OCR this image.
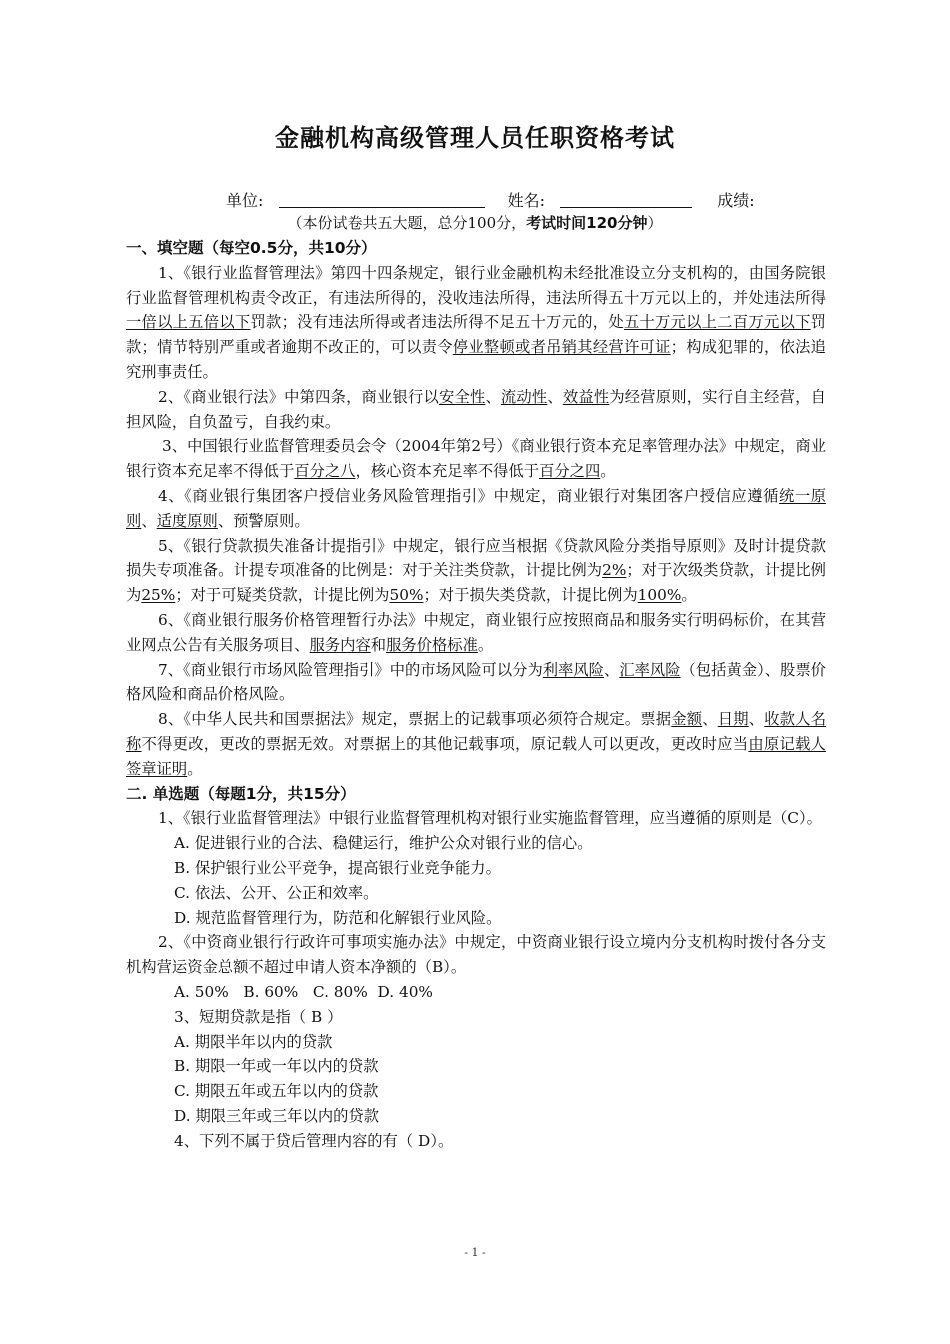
金融机构高级管理人员任职资格考试
单位:	姓名:	成绩:
（本份试卷共五大题，总分100分，考试时间120分钟）
一、填空题（每空0.5分，共10分）

1、《银行业监督管理法》第四十四条规定，银行业金融机构未经批准设立分支机构的，由国务院银行业监督管理机构责令改正，有违法所得的，没收违法所得，违法所得五十万元以上的，并处违法所得一倍以上五倍以下罚款；没有违法所得或者违法所得不足五十万元的，处五十万元以上二百万元以下罚款；情节特别严重或者逾期不改正的，可以责令停业整顿或者吊销其经营许可证；构成犯罪的，依法追究刑事责任。

2、《商业银行法》中第四条，商业银行以安全性、流动性、效益性为经营原则，实行自主经营，自担风险，自负盈亏，自我约束。

3、中国银行业监督管理委员会令（2004年第2号）《商业银行资本充足率管理办法》中规定，商业银行资本充足率不得低于百分之八，核心资本充足率不得低于百分之四。

4、《商业银行集团客户授信业务风险管理指引》中规定，商业银行对集团客户授信应遵循统一原则、适度原则、预警原则。

5、《银行贷款损失准备计提指引》中规定，银行应当根据《贷款风险分类指导原则》及时计提贷款损失专项准备。计提专项准备的比例是：对于关注类贷款，计提比例为2%；对于次级类贷款，计提比例为25%；对于可疑类贷款，计提比例为50%；对于损失类贷款，计提比例为100%。

6、《商业银行服务价格管理暂行办法》中规定，商业银行应按照商品和服务实行明码标价，在其营业网点公告有关服务项目、服务内容和服务价格标准。

7、《商业银行市场风险管理指引》中的市场风险可以分为利率风险、汇率风险（包括黄金）、股票价格风险和商品价格风险。

8、《中华人民共和国票据法》规定，票据上的记载事项必须符合规定。票据金额、日期、收款人名称不得更改，更改的票据无效。对票据上的其他记载事项，原记载人可以更改，更改时应当由原记载人签章证明。

二. 单选题（每题1分，共15分）

1、《银行业监督管理法》中银行业监督管理机构对银行业实施监督管理，应当遵循的原则是（C）。

A. 促进银行业的合法、稳健运行，维护公众对银行业的信心。

B. 保护银行业公平竞争，提高银行业竞争能力。

C. 依法、公开、公正和效率。

D. 规范监督管理行为，防范和化解银行业风险。

2、《中资商业银行行政许可事项实施办法》中规定，中资商业银行设立境内分支机构时拨付各分支机构营运资金总额不超过申请人资本净额的（B）。

A. 50%   B. 60%   C. 80%  D. 40%

3、短期贷款是指（ B ）

A. 期限半年以内的贷款

B. 期限一年或一年以内的贷款

C. 期限五年或五年以内的贷款

D. 期限三年或三年以内的贷款

4、下列不属于贷后管理内容的有（ D）。

- 1 -
